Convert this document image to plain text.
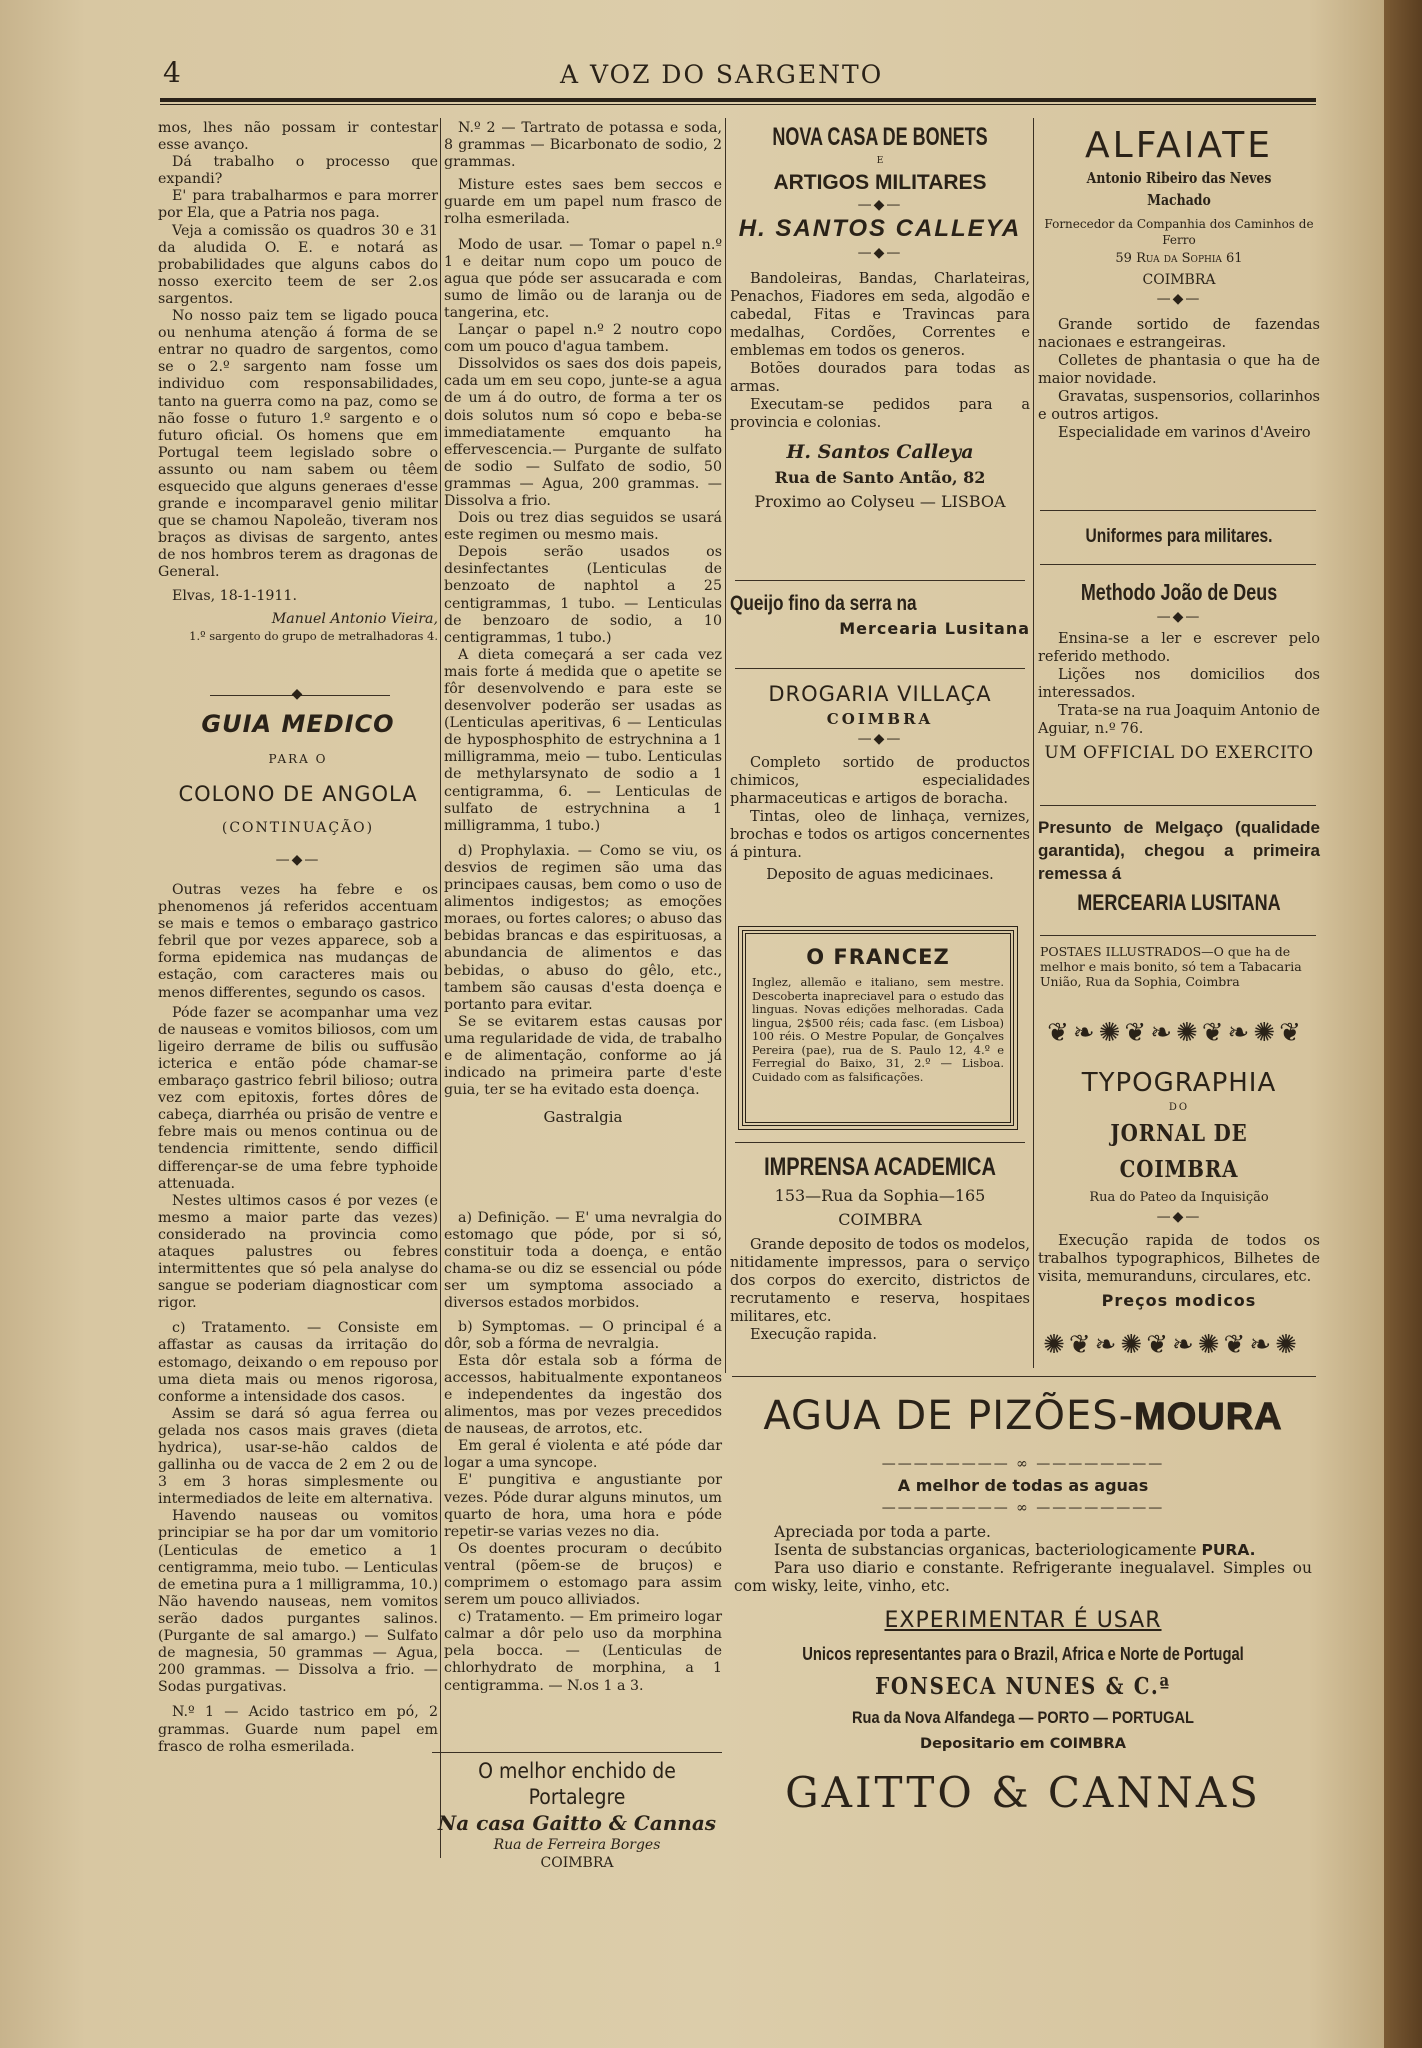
4	A VOZ DO SARGENTO

mos, lhes não possam ir contestar esse avanço.

Dá trabalho o processo que expandi?

E' para trabalharmos e para morrer por Ela, que a Patria nos paga.

Veja a comissão os quadros 30 e 31 da aludida O. E. e notará as probabilidades que alguns cabos do nosso exercito teem de ser 2.os sargentos.

No nosso paiz tem se ligado pouca ou nenhuma atenção á forma de se entrar no quadro de sargentos, como se o 2.º sargento nam fosse um individuo com responsabilidades, tanto na guerra como na paz, como se não fosse o futuro 1.º sargento e o futuro oficial. Os homens que em Portugal teem legislado sobre o assunto ou nam sabem ou têem esquecido que alguns generaes d'esse grande e incomparavel genio militar que se chamou Napoleão, tiveram nos braços as divisas de sargento, antes de nos hombros terem as dragonas de General.

Elvas, 18-1-1911.

Manuel Antonio Vieira,

1.º sargento do grupo de metralhadoras 4.

◆
GUIA MEDICO
PARA O
COLONO DE ANGOLA
(CONTINUAÇÃO)
—◆—

Outras vezes ha febre e os phenomenos já referidos accentuam se mais e temos o embaraço gastrico febril que por vezes apparece, sob a forma epidemica nas mudanças de estação, com caracteres mais ou menos differentes, segundo os casos.

Póde fazer se acompanhar uma vez de nauseas e vomitos biliosos, com um ligeiro derrame de bilis ou suffusão icterica e então póde chamar-se embaraço gastrico febril bilioso; outra vez com epitoxis, fortes dôres de cabeça, diarrhéa ou prisão de ventre e febre mais ou menos continua ou de tendencia rimittente, sendo difficil differençar-se de uma febre typhoide attenuada.

Nestes ultimos casos é por vezes (e mesmo a maior parte das vezes) considerado na provincia como ataques palustres ou febres intermittentes que só pela analyse do sangue se poderiam diagnosticar com rigor.

c) Tratamento. — Consiste em affastar as causas da irritação do estomago, deixando o em repouso por uma dieta mais ou menos rigorosa, conforme a intensidade dos casos.

Assim se dará só agua ferrea ou gelada nos casos mais graves (dieta hydrica), usar-se-hão caldos de gallinha ou de vacca de 2 em 2 ou de 3 em 3 horas simplesmente ou intermediados de leite em alternativa.

Havendo nauseas ou vomitos principiar se ha por dar um vomitorio (Lenticulas de emetico a 1 centigramma, meio tubo. — Lenticulas de emetina pura a 1 milligramma, 10.) Não havendo nauseas, nem vomitos serão dados purgantes salinos. (Purgante de sal amargo.) — Sulfato de magnesia, 50 grammas — Agua, 200 grammas. — Dissolva a frio. — Sodas purgativas.

N.º 1 — Acido tastrico em pó, 2 grammas. Guarde num papel em frasco de rolha esmerilada.

N.º 2 — Tartrato de potassa e soda, 8 grammas — Bicarbonato de sodio, 2 grammas.

Misture estes saes bem seccos e guarde em um papel num frasco de rolha esmerilada.

Modo de usar. — Tomar o papel n.º 1 e deitar num copo um pouco de agua que póde ser assucarada e com sumo de limão ou de laranja ou de tangerina, etc.

Lançar o papel n.º 2 noutro copo com um pouco d'agua tambem.

Dissolvidos os saes dos dois papeis, cada um em seu copo, junte-se a agua de um á do outro, de forma a ter os dois solutos num só copo e beba-se immediatamente emquanto ha effervescencia.— Purgante de sulfato de sodio — Sulfato de sodio, 50 grammas — Agua, 200 grammas. — Dissolva a frio.

Dois ou trez dias seguidos se usará este regimen ou mesmo mais.

Depois serão usados os desinfectantes (Lenticulas de benzoato de naphtol a 25 centigrammas, 1 tubo. — Lenticulas de benzoaro de sodio, a 10 centigrammas, 1 tubo.)

A dieta começará a ser cada vez mais forte á medida que o apetite se fôr desenvolvendo e para este se desenvolver poderão ser usadas as (Lenticulas aperitivas, 6 — Lenticulas de hyposphosphito de estrychnina a 1 milligramma, meio — tubo. Lenticulas de methylarsynato de sodio a 1 centigramma, 6. — Lenticulas de sulfato de estrychnina a 1 milligramma, 1 tubo.)

d) Prophylaxia. — Como se viu, os desvios de regimen são uma das principaes causas, bem como o uso de alimentos indigestos; as emoções moraes, ou fortes calores; o abuso das bebidas brancas e das espirituosas, a abundancia de alimentos e das bebidas, o abuso do gêlo, etc., tambem são causas d'esta doença e portanto para evitar.

Se se evitarem estas causas por uma regularidade de vida, de trabalho e de alimentação, conforme ao já indicado na primeira parte d'este guia, ter se ha evitado esta doença.

Gastralgia

a) Definição. — E' uma nevralgia do estomago que póde, por si só, constituir toda a doença, e então chama-se ou diz se essencial ou póde ser um symptoma associado a diversos estados morbidos.

b) Symptomas. — O principal é a dôr, sob a fórma de nevralgia.

Esta dôr estala sob a fórma de accessos, habitualmente expontaneos e independentes da ingestão dos alimentos, mas por vezes precedidos de nauseas, de arrotos, etc.

Em geral é violenta e até póde dar logar a uma syncope.

E' pungitiva e angustiante por vezes. Póde durar alguns minutos, um quarto de hora, uma hora e póde repetir-se varias vezes no dia.

Os doentes procuram o decúbito ventral (põem-se de bruços) e comprimem o estomago para assim serem um pouco alliviados.

c) Tratamento. — Em primeiro logar calmar a dôr pelo uso da morphina pela bocca. — (Lenticulas de chlorhydrato de morphina, a 1 centigramma. — N.os 1 a 3.

O melhor enchido de Portalegre
Na casa Gaitto & Cannas
Rua de Ferreira Borges
COIMBRA
NOVA CASA DE BONETS
E
ARTIGOS MILITARES
—◆—
H. SANTOS CALLEYA
—◆—

Bandoleiras, Bandas, Charlateiras, Penachos, Fiadores em seda, algodão e cabedal, Fitas e Travincas para medalhas, Cordões, Correntes e emblemas em todos os generos.

Botões dourados para todas as armas.

Executam-se pedidos para a provincia e colonias.

H. Santos Calleya
Rua de Santo Antão, 82
Proximo ao Colyseu — LISBOA
Queijo fino da serra na
Mercearia Lusitana
DROGARIA VILLAÇA
COIMBRA
—◆—

Completo sortido de productos chimicos, especialidades pharmaceuticas e artigos de boracha.

Tintas, oleo de linhaça, vernizes, brochas e todos os artigos concernentes á pintura.

Deposito de aguas medicinaes.

O FRANCEZ

Inglez, allemão e italiano, sem mestre. Descoberta inapreciavel para o estudo das linguas. Novas edições melhoradas. Cada lingua, 2$500 réis; cada fasc. (em Lisboa) 100 réis. O Mestre Popular, de Gonçalves Pereira (pae), rua de S. Paulo 12, 4.º e Ferregial do Baixo, 31, 2.º — Lisboa. Cuidado com as falsificações.

IMPRENSA ACADEMICA
153—Rua da Sophia—165
COIMBRA

Grande deposito de todos os modelos, nitidamente impressos, para o serviço dos corpos do exercito, districtos de recrutamento e reserva, hospitaes militares, etc.

Execução rapida.

ALFAIATE
Antonio Ribeiro das Neves Machado
Fornecedor da Companhia dos Caminhos de Ferro
59 Rua da Sophia 61
COIMBRA
—◆—

Grande sortido de fazendas nacionaes e estrangeiras.

Colletes de phantasia o que ha de maior novidade.

Gravatas, suspensorios, collarinhos e outros artigos.

Especialidade em varinos d'Aveiro

Uniformes para militares.
Methodo João de Deus
—◆—

Ensina-se a ler e escrever pelo referido methodo.

Lições nos domicilios dos interessados.

Trata-se na rua Joaquim Antonio de Aguiar, n.º 76.

UM OFFICIAL DO EXERCITO
Presunto de Melgaço (qualidade garantida), chegou a primeira remessa á
MERCEARIA LUSITANA
POSTAES ILLUSTRADOS—O que ha de melhor e mais bonito, só tem a Tabacaria União, Rua da Sophia, Coimbra
❦❧✺❦❧✺❦❧✺❦
TYPOGRAPHIA
DO
JORNAL DE COIMBRA
Rua do Pateo da Inquisição
—◆—

Execução rapida de todos os trabalhos typographicos, Bilhetes de visita, memuranduns, circulares, etc.

Preços modicos
✺❦❧✺❦❧✺❦❧✺
AGUA DE PIZÕES-MOURA
———————— ∞ ————————
A melhor de todas as aguas
———————— ∞ ————————

Apreciada por toda a parte.

Isenta de substancias organicas, bacteriologicamente PURA.

Para uso diario e constante. Refrigerante inegualavel. Simples ou com wisky, leite, vinho, etc.

EXPERIMENTAR É USAR
Unicos representantes para o Brazil, Africa e Norte de Portugal
FONSECA NUNES & C.ª
Rua da Nova Alfandega — PORTO — PORTUGAL
Depositario em COIMBRA
GAITTO & CANNAS
